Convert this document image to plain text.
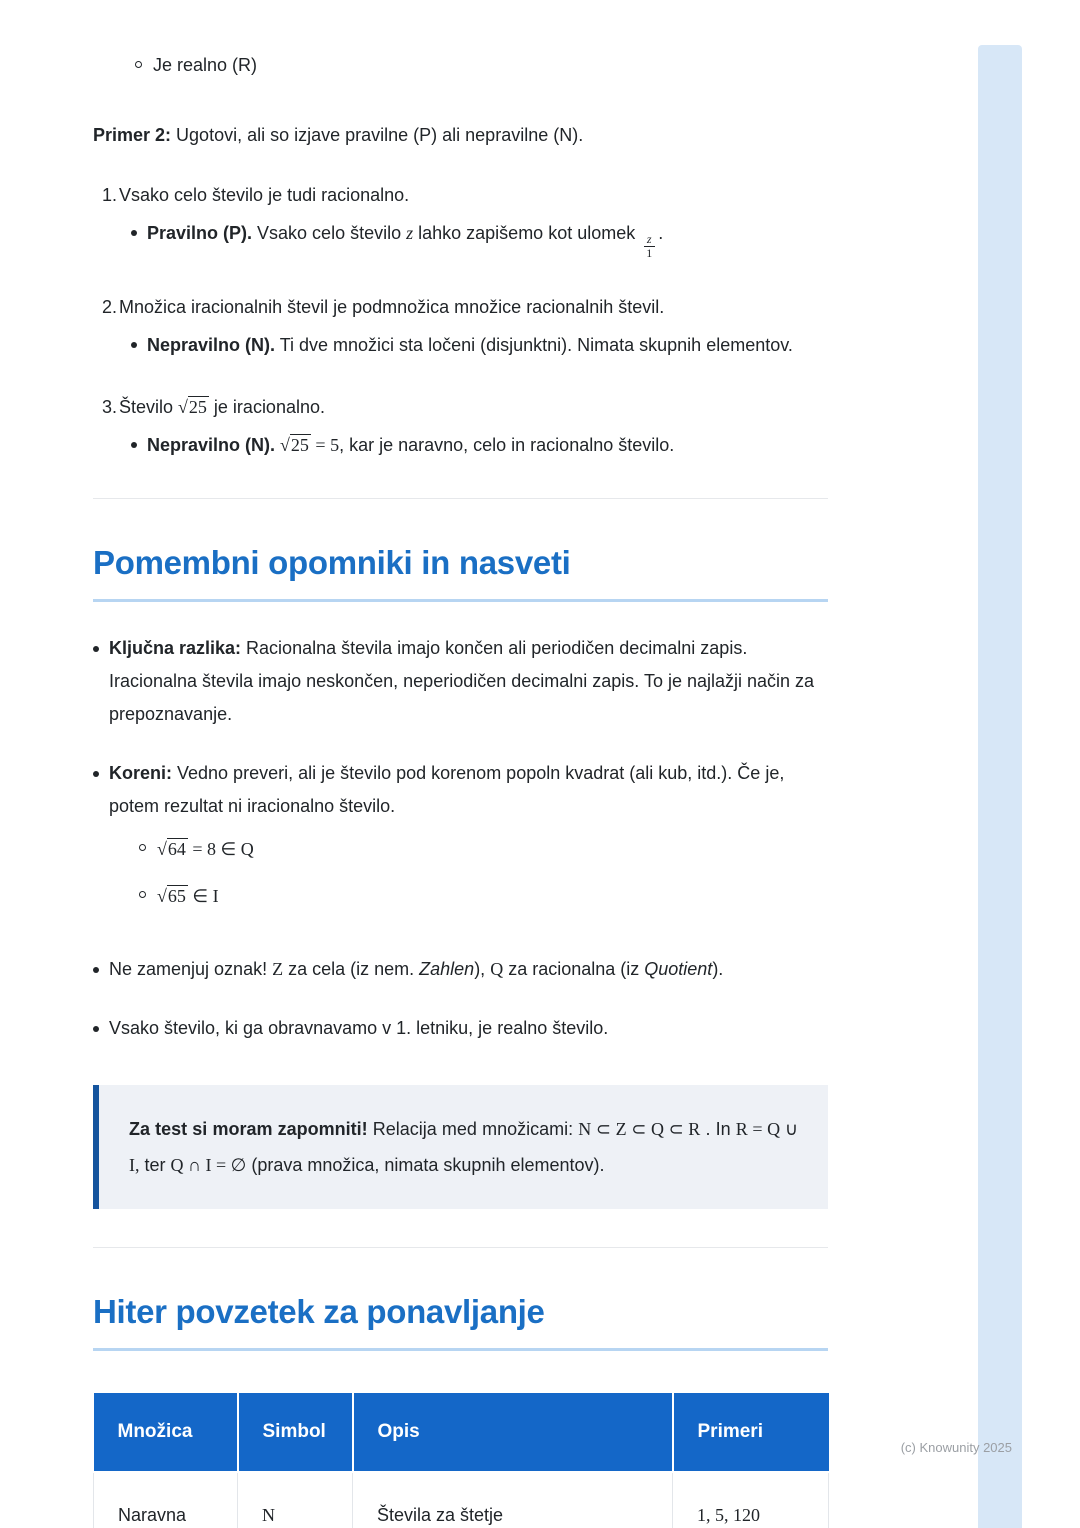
Je realno (R)

Primer 2: Ugotovi, ali so izjave pravilne (P) ali nepravilne (N).

1. Vsako celo število je tudi racionalno.
Pravilno (P). Vsako celo število z lahko zapišemo kot ulomek $\frac{z}{1}$ .
2. Množica iracionalnih števil je podmnožica množice racionalnih števil.
Nepravilno (N). Ti dve množici sta ločeni (disjunktni). Nimata skupnih elementov.
3. Število √25 je iracionalno.
Nepravilno (N). √25 = 5, kar je naravno, celo in racionalno število.
Pomembni opomniki in nasveti
Ključna razlika: Racionalna števila imajo končen ali periodičen decimalni zapis. Iracionalna števila imajo neskončen, neperiodičen decimalni zapis. To je najlažji način za prepoznavanje.
Koreni: Vedno preveri, ali je število pod korenom popoln kvadrat (ali kub, itd.). Če je, potem rezultat ni iracionalno število.
√64 = 8 ∈ Q
√65 ∈ I
Ne zamenjuj oznak! Z za cela (iz nem. Zahlen), Q za racionalna (iz Quotient).
Vsako število, ki ga obravnavamo v 1. letniku, je realno število.

Za test si moram zapomniti! Relacija med množicami: N ⊂ Z ⊂ Q ⊂ R . In R = Q ∪ I, ter Q ∩ I = ∅ (prava množica, nimata skupnih elementov).

Hiter povzetek za ponavljanje
Množica	Simbol	Opis	Primeri
Naravna	N	Števila za štetje	1, 5, 120
(c) Knowunity 2025
